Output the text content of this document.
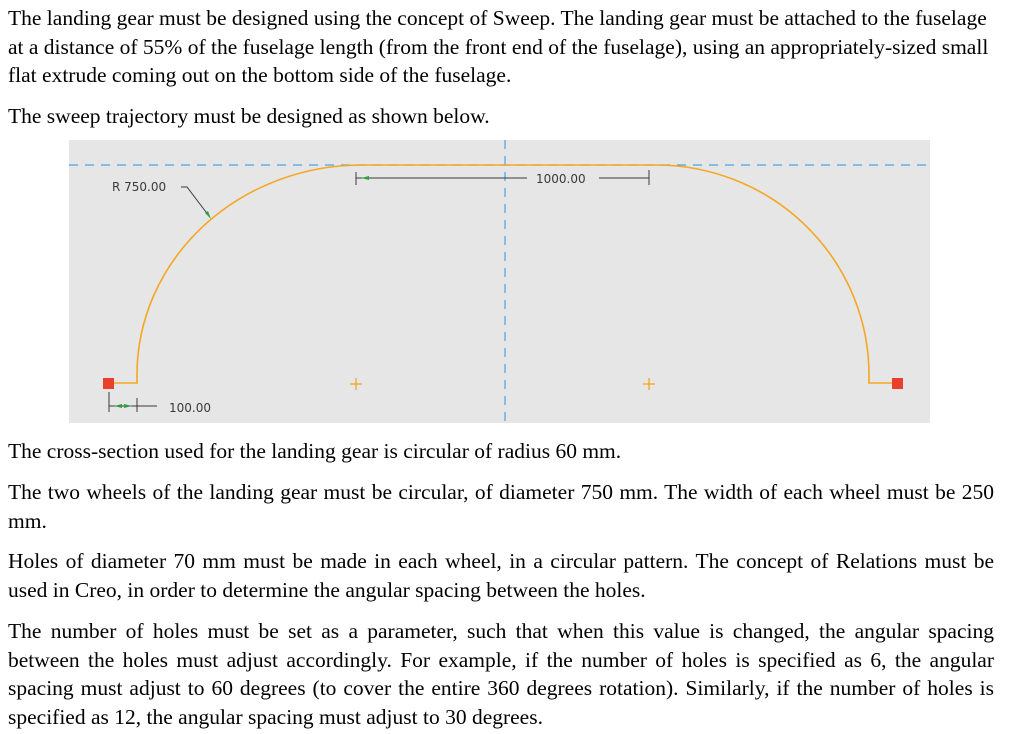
The landing gear must be designed using the concept of Sweep. The landing gear must be attached to the fuselage at a distance of 55% of the fuselage length (from the front end of the fuselage), using an appropriately-sized small flat extrude coming out on the bottom side of the fuselage.

The sweep trajectory must be designed as shown below.

1000.00
R 750.00
100.00

The cross-section used for the landing gear is circular of radius 60 mm.

The two wheels of the landing gear must be circular, of diameter 750 mm. The width of each wheel must be 250 mm.

Holes of diameter 70 mm must be made in each wheel, in a circular pattern. The concept of Relations must be used in Creo, in order to determine the angular spacing between the holes.

The number of holes must be set as a parameter, such that when this value is changed, the angular spacing between the holes must adjust accordingly. For example, if the number of holes is specified as 6, the angular spacing must adjust to 60 degrees (to cover the entire 360 degrees rotation). Similarly, if the number of holes is specified as 12, the angular spacing must adjust to 30 degrees.
